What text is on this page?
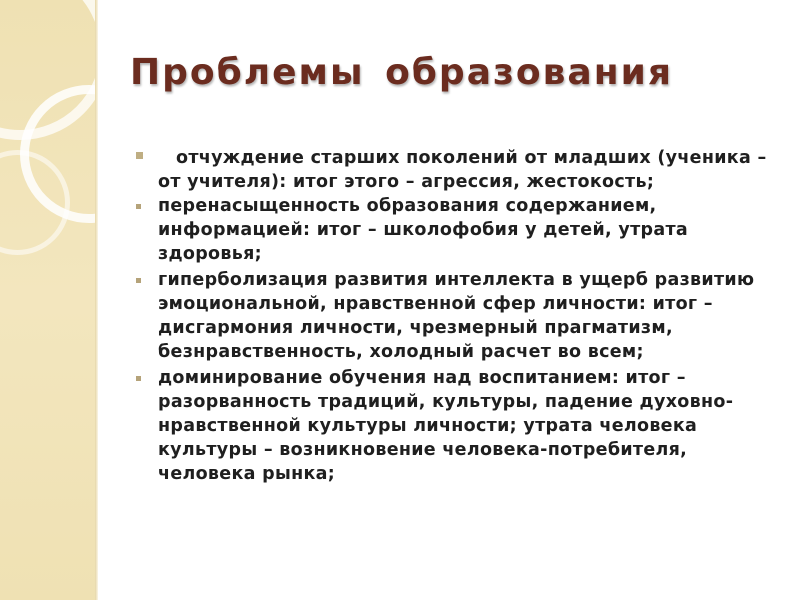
Проблемы образования
отчуждение старших поколений от младших (ученика – от учителя): итог этого – агрессия, жестокость;
перенасыщенность образования содержанием, информацией: итог – школофобия у детей, утрата здоровья;
гиперболизация развития интеллекта в ущерб развитию эмоциональной, нравственной сфер личности: итог – дисгармония личности, чрезмерный прагматизм, безнравственность, холодный расчет во всем;
доминирование обучения над воспитанием: итог – разорванность традиций, культуры, падение духовно-нравственной культуры личности; утрата человека культуры – возникновение человека-потребителя, человека рынка;
